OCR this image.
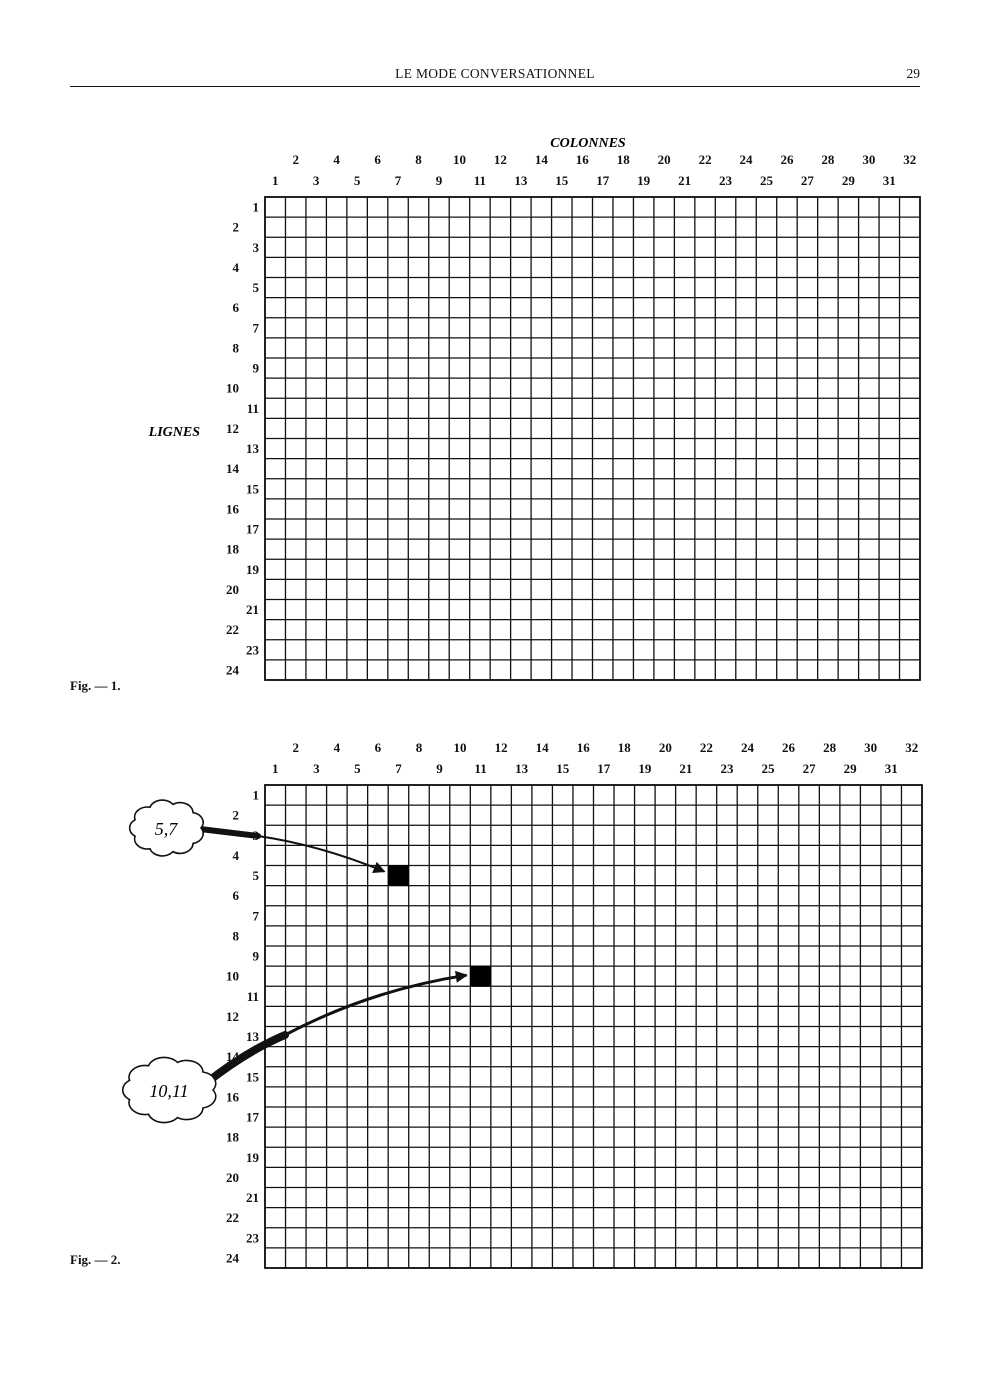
LE MODE CONVERSATIONNEL	29
Fig. — 1.
Fig. — 2.
1
2
3
4
5
6
7
8
9
10
11
12
13
14
15
16
17
18
19
20
21
22
23
24
25
26
27
28
29
30
31
32
1
2
3
4
5
6
7
8
9
10
11
12
13
14
15
16
17
18
19
20
21
22
23
24
COLONNES
LIGNES
1
2
3
4
5
6
7
8
9
10
11
12
13
14
15
16
17
18
19
20
21
22
23
24
25
26
27
28
29
30
31
32
1
2
3
4
5
6
7
8
9
10
11
12
13
14
15
16
17
18
19
20
21
22
23
24
5,7
10,11
